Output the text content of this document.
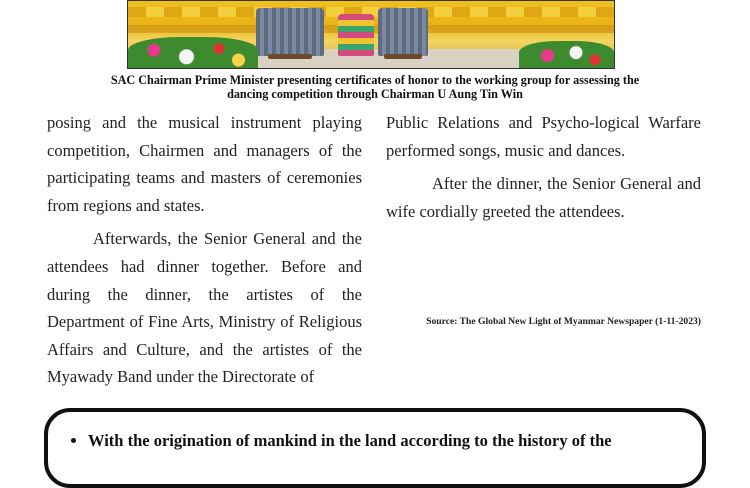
SAC Chairman Prime Minister presenting certificates of honor to the working group for assessing the
dancing competition through Chairman U Aung Tin Win

posing and the musical instrument playing competition, Chairmen and managers of the participating teams and masters of ceremonies from regions and states.

Afterwards, the Senior General and the attendees had dinner together. Before and during the dinner, the artistes of the Department of Fine Arts, Ministry of Religious Affairs and Culture, and the artistes of the Myawady Band under the Directorate of

Public Relations and Psycho-logical Warfare performed songs, music and dances.

After the dinner, the Senior General and wife cordially greeted the attendees.

Source: The Global New Light of Myanmar Newspaper (1-11-2023)
• With the origination of mankind in the land according to the history of the
